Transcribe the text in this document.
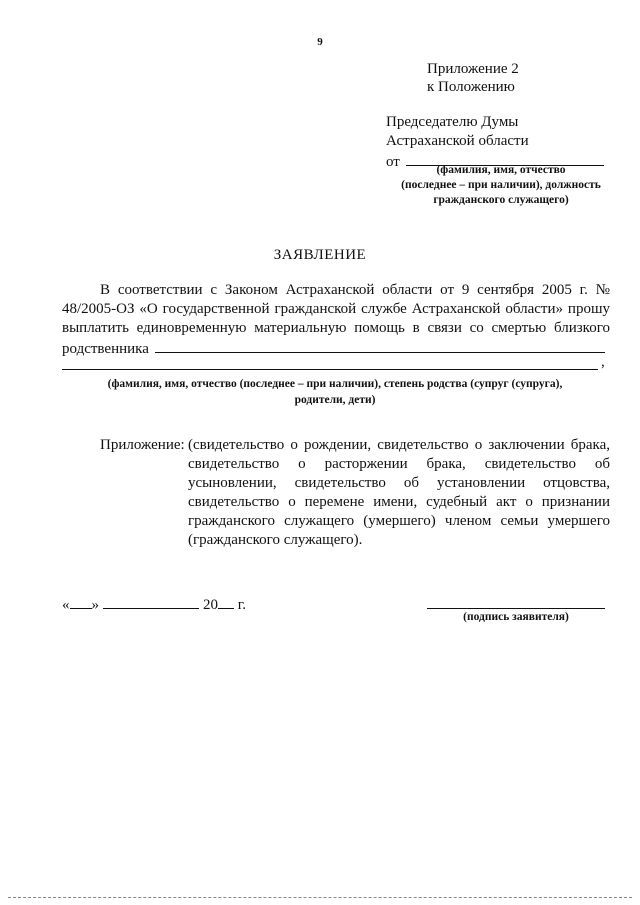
9
Приложение 2
к Положению
Председателю Думы
Астраханской области
от	(фамилия, имя, отчество
(последнее – при наличии), должность
гражданского служащего)
ЗАЯВЛЕНИЕ
В соответствии с Законом Астраханской области от 9 сентября 2005 г. № 48/2005-ОЗ «О государственной гражданской службе Астраханской области» прошу выплатить единовременную материальную помощь в связи со смертью близкого родственника
,
(фамилия, имя, отчество (последнее – при наличии), степень родства (супруг (супруга),
родители, дети)
Приложение: (свидетельство о рождении, свидетельство о заключении брака, свидетельство о расторжении брака, свидетельство об усыновлении, свидетельство об установлении отцовства, свидетельство о перемене имени, судебный акт о признании гражданского служащего (умершего) членом семьи умершего (гражданского служащего).
« »	20 г.
(подпись заявителя)
